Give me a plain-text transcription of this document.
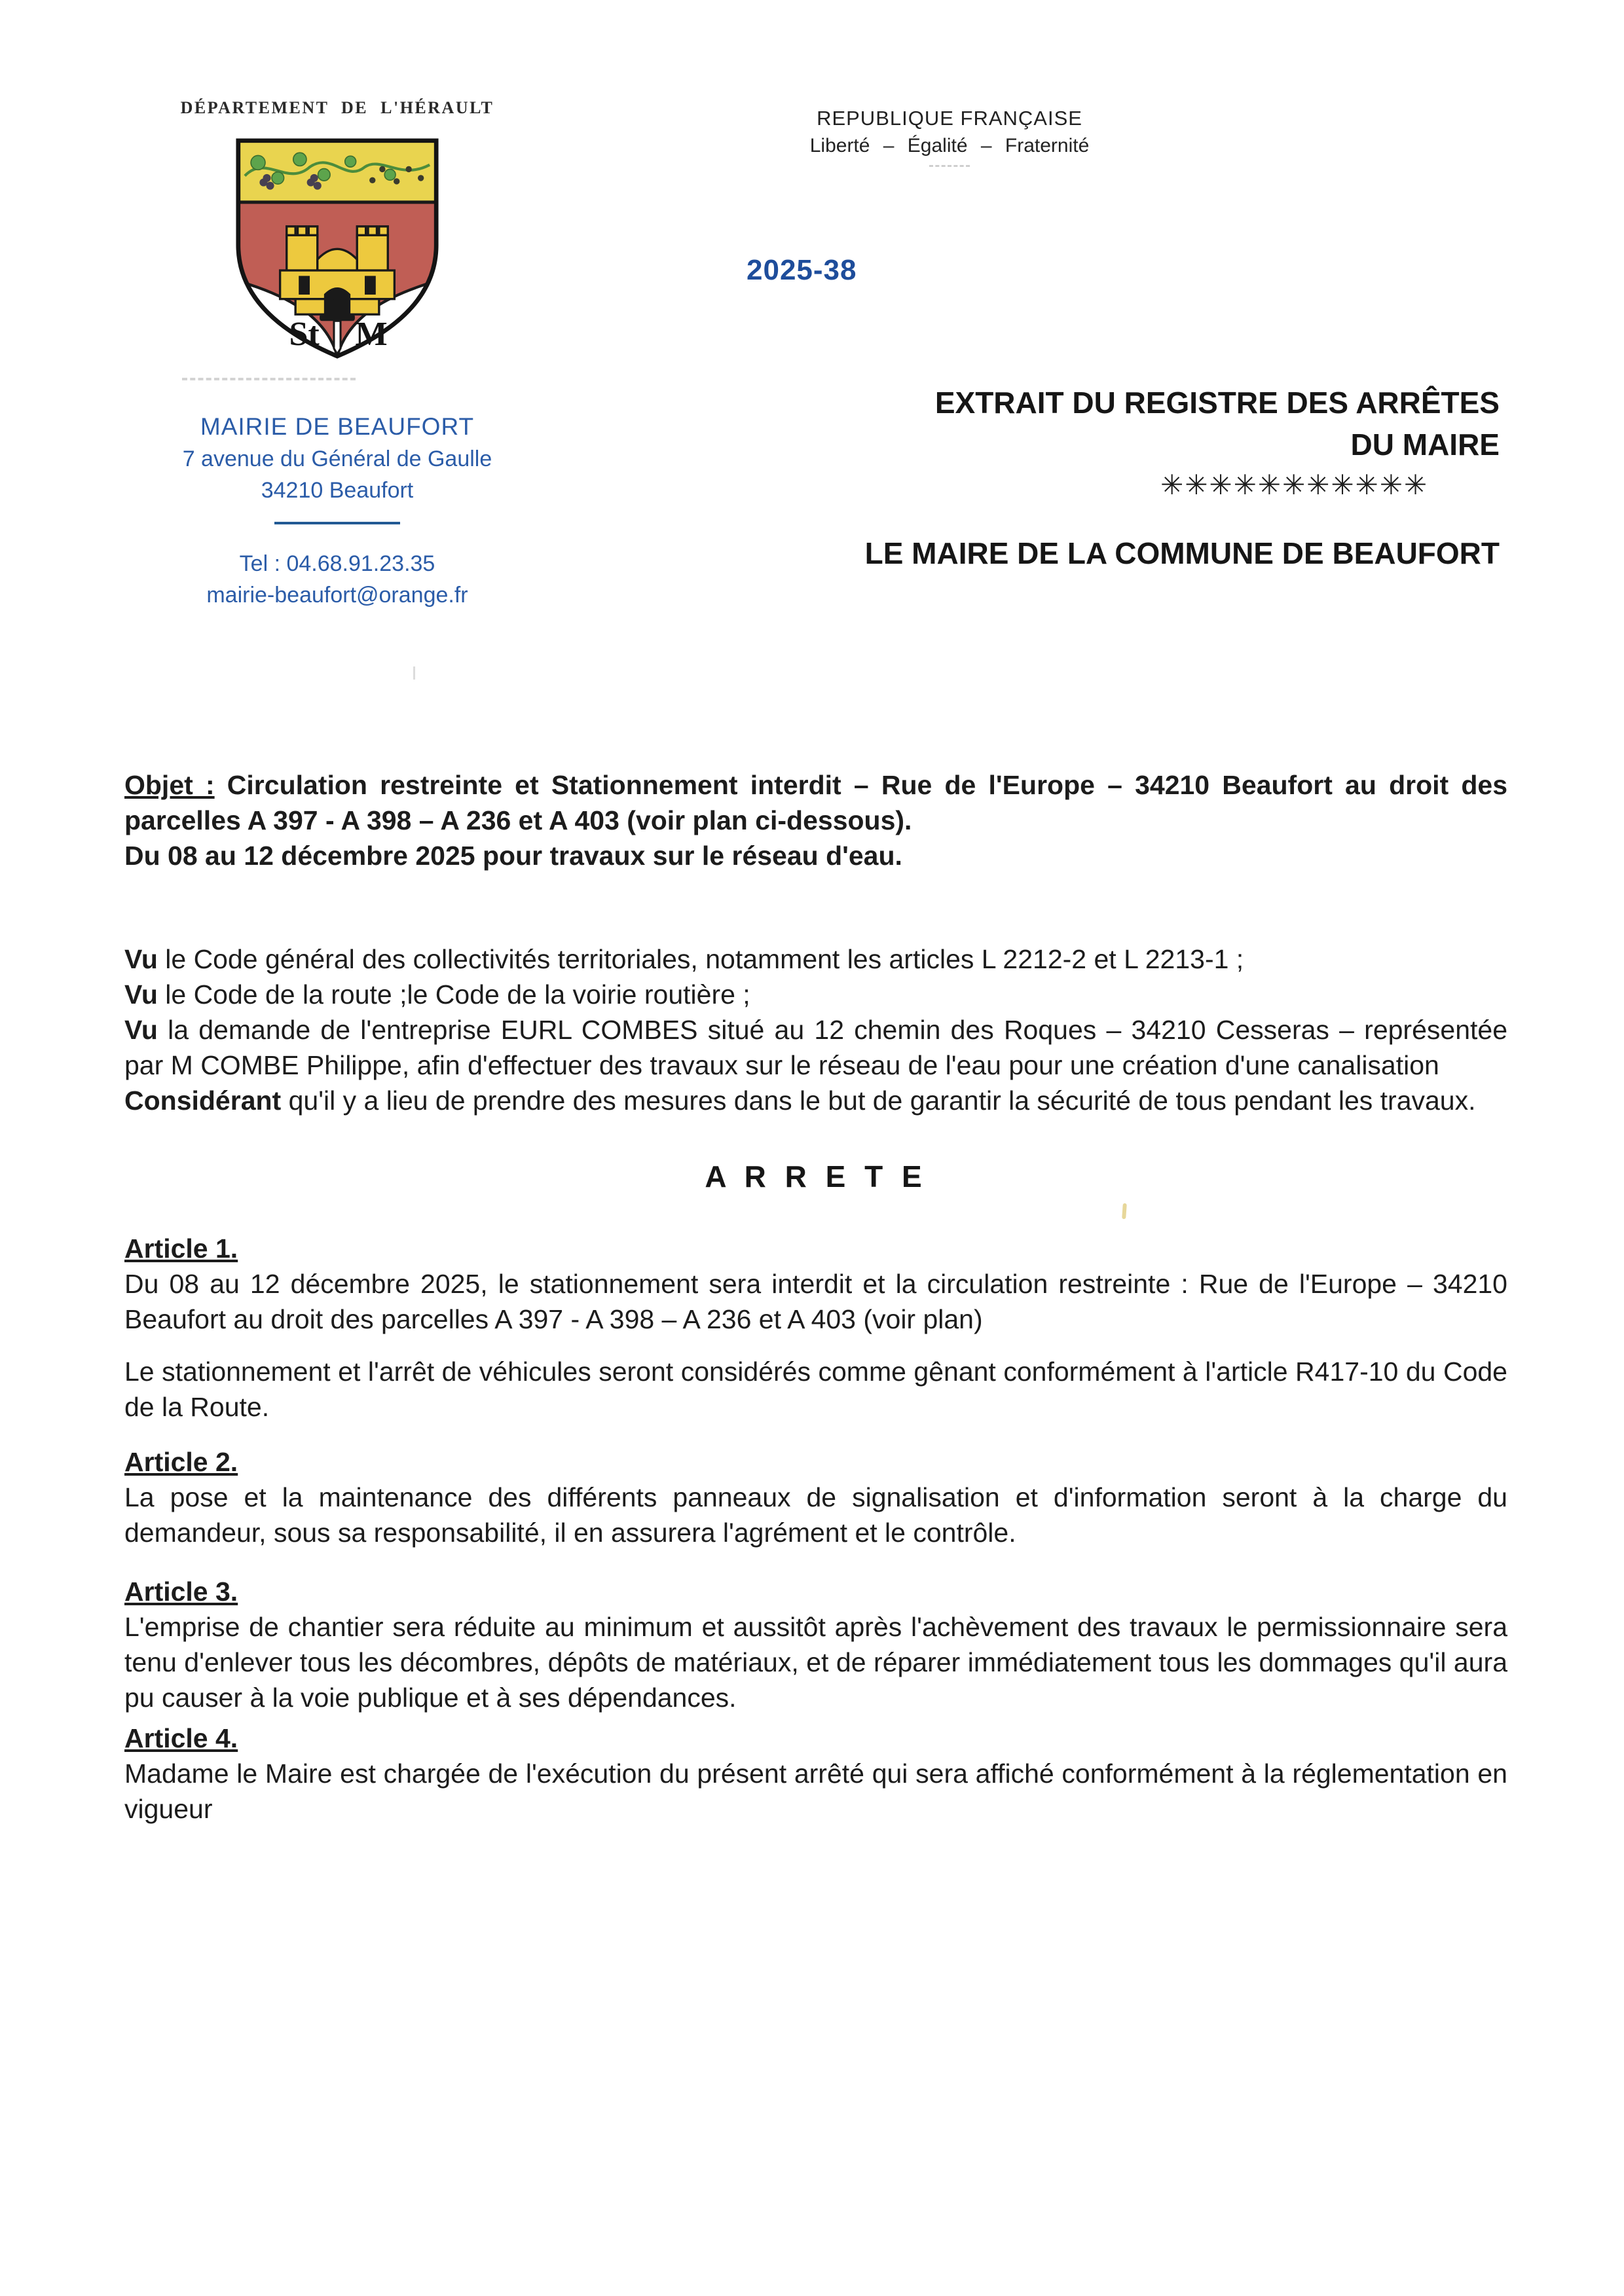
DÉPARTEMENT DE L'HÉRAULT
St M
MAIRIE DE BEAUFORT
7 avenue du Général de Gaulle
34210 Beaufort
Tel : 04.68.91.23.35
mairie-beaufort@orange.fr
REPUBLIQUE FRANÇAISE
Liberté – Égalité – Fraternité
2025-38
EXTRAIT DU REGISTRE DES ARRÊTES
DU MAIRE
✳✳✳✳✳✳✳✳✳✳✳
LE MAIRE DE LA COMMUNE DE BEAUFORT

Objet : Circulation restreinte et Stationnement interdit – Rue de l'Europe – 34210 Beaufort au droit des parcelles A 397 - A 398 – A 236 et A 403 (voir plan ci-dessous).
Du 08 au 12 décembre 2025 pour travaux sur le réseau d'eau.

Vu le Code général des collectivités territoriales, notamment les articles L 2212-2 et L 2213-1 ;

Vu le Code de la route ;le Code de la voirie routière ;

Vu la demande de l'entreprise EURL COMBES situé au 12 chemin des Roques – 34210 Cesseras – représentée par M COMBE Philippe, afin d'effectuer des travaux sur le réseau de l'eau pour une création d'une canalisation

Considérant qu'il y a lieu de prendre des mesures dans le but de garantir la sécurité de tous pendant les travaux.

A R R E T E
Article 1.

Du 08 au 12 décembre 2025, le stationnement sera interdit et la circulation restreinte : Rue de l'Europe – 34210 Beaufort au droit des parcelles A 397 - A 398 – A 236 et A 403 (voir plan)

Le stationnement et l'arrêt de véhicules seront considérés comme gênant conformément à l'article R417-10 du Code de la Route.

Article 2.

La pose et la maintenance des différents panneaux de signalisation et d'information seront à la charge du demandeur, sous sa responsabilité, il en assurera l'agrément et le contrôle.

Article 3.

L'emprise de chantier sera réduite au minimum et aussitôt après l'achèvement des travaux le permissionnaire sera tenu d'enlever tous les décombres, dépôts de matériaux, et de réparer immédiatement tous les dommages qu'il aura pu causer à la voie publique et à ses dépendances.

Article 4.

Madame le Maire est chargée de l'exécution du présent arrêté qui sera affiché conformément à la réglementation en vigueur
